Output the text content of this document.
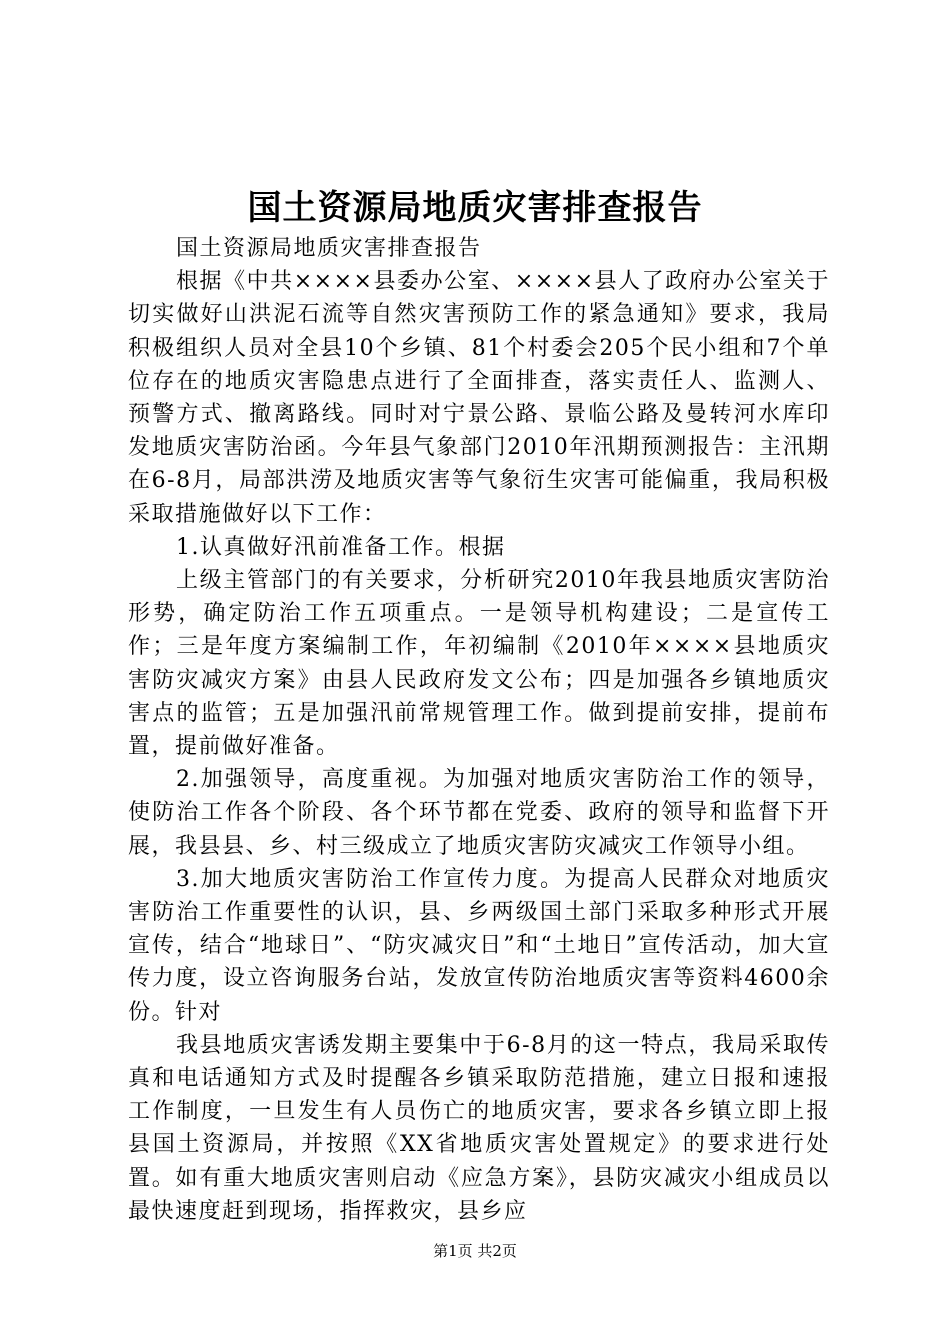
国土资源局地质灾害排查报告

国土资源局地质灾害排查报告

根据《中共××××县委办公室、××××县人了政府办公室关于切实做好山洪泥石流等自然灾害预防工作的紧急通知》要求，我局积极组织人员对全县10个乡镇、81个村委会205个民小组和7个单位存在的地质灾害隐患点进行了全面排查，落实责任人、监测人、预警方式、撤离路线。同时对宁景公路、景临公路及曼转河水库印发地质灾害防治函。今年县气象部门2010年汛期预测报告：主汛期在6-8月，局部洪涝及地质灾害等气象衍生灾害可能偏重，我局积极采取措施做好以下工作：

1.认真做好汛前准备工作。根据

上级主管部门的有关要求，分析研究2010年我县地质灾害防治形势，确定防治工作五项重点。一是领导机构建设；二是宣传工作；三是年度方案编制工作，年初编制《2010年××××县地质灾害防灾减灾方案》由县人民政府发文公布；四是加强各乡镇地质灾害点的监管；五是加强汛前常规管理工作。做到提前安排，提前布置，提前做好准备。

2.加强领导，高度重视。为加强对地质灾害防治工作的领导，使防治工作各个阶段、各个环节都在党委、政府的领导和监督下开展，我县县、乡、村三级成立了地质灾害防灾减灾工作领导小组。

3.加大地质灾害防治工作宣传力度。为提高人民群众对地质灾害防治工作重要性的认识，县、乡两级国土部门采取多种形式开展宣传，结合“地球日”、“防灾减灾日”和“土地日”宣传活动，加大宣传力度，设立咨询服务台站，发放宣传防治地质灾害等资料4600余份。针对

我县地质灾害诱发期主要集中于6-8月的这一特点，我局采取传真和电话通知方式及时提醒各乡镇采取防范措施，建立日报和速报工作制度，一旦发生有人员伤亡的地质灾害，要求各乡镇立即上报县国土资源局，并按照《XX省地质灾害处置规定》的要求进行处置。如有重大地质灾害则启动《应急方案》，县防灾减灾小组成员以最快速度赶到现场，指挥救灾，县乡应

第1页 共2页
